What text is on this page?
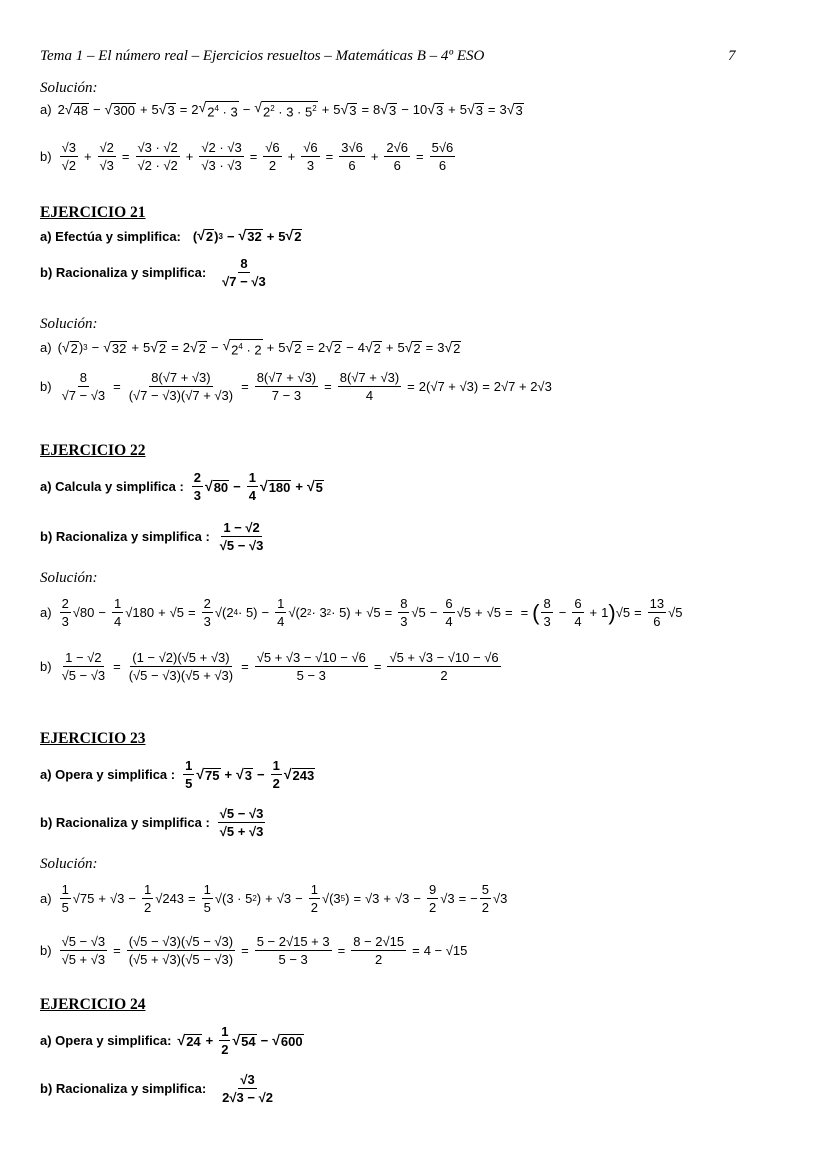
Tema 1 – El número real – Ejercicios resueltos – Matemáticas B – 4º ESO	7
Solución:
a) 2 √ 48 − √ 300 + 5 √ 3 = 2 √ $2^4 \cdot 3$ − √ $2^2 \cdot 3 \cdot 5^2 + 5$ √ 3 = 8 √ 3 − 10 √ 3 + 5 √ 3 = 3 √ 3
$b) \frac{√3}{√2} + \frac{√2}{√3} = \frac{√3 \cdot √2}{√2 \cdot √2} + \frac{√2 \cdot √3}{√3 \cdot √3} = \frac{√6}{2} + \frac{√6}{3} = \frac{3√6}{6} + \frac{2√6}{6} = \frac{5√6}{6}$
EJERCICIO 21
a) Efectúa y simplifica: ( √ 2 ) 3 − √ 32 + 5 √ 2
b) Racionaliza y simplifica: $\frac{8}{√7 - √3}$
Solución:
a) ( √ 2 ) 3 − √ 32 + 5 √ 2 = 2 √ 2 − √ $2^4 \cdot 2 + 5$ √ 2 = 2 √ 2 − 4 √ 2 + 5 √ 2 = 3 √ 2
$b) \frac{8}{√7 - √3} = \frac{8(√7 + √3)}{(√7 - √3)(√7 + √3)} = \frac{8(√7 + √3)}{7 - 3} = \frac{8(√7 + √3)}{4} = 2(√7 + √3) = 2√7 + 2√3$
EJERCICIO 22
a) Calcula y simplifica : $\frac{2}{3}$ √ $80 - \frac{1}{4}$ √ 180 + √ 5
b) Racionaliza y simplifica : $\frac{1 - √2}{√5 - √3}$
Solución:
$a) \frac{2}{3} √80 - \frac{1}{4} √180 + √5 = \frac{2}{3} √(2$ $4 \cdot 5) - \frac{1}{4} √(2$ 2 · 3 $2 \cdot 5) + √5 = \frac{8}{3} √5 - \frac{6}{4} √5 + √5$ = = ( $\frac{8}{3} - \frac{6}{4} + 1$ ) $√5 = \frac{13}{6} √5$
$b) \frac{1 - √2}{√5 - √3} = \frac{(1 - √2)(√5 + √3)}{(√5 - √3)(√5 + √3)} = \frac{√5 + √3 - √10 - √6}{5 - 3} = \frac{√5 + √3 - √10 - √6}{2}$
EJERCICIO 23
a) Opera y simplifica : $\frac{1}{5}$ √ 75 + √ $3 - \frac{1}{2}$ √ 243
b) Racionaliza y simplifica : $\frac{√5 - √3}{√5 + √3}$
Solución:
$a) \frac{1}{5} √75 + √3 - \frac{1}{2} √243 = \frac{1}{5} √(3 \cdot 5$ 2 ) + $√3 - \frac{1}{2} √(3$ 5 ) = $√3 + √3 - \frac{9}{2} √3$ = − $\frac{5}{2} √3$
$b) \frac{√5 - √3}{√5 + √3} = \frac{(√5 - √3)(√5 - √3)}{(√5 + √3)(√5 - √3)} = \frac{5 - 2√15 + 3}{5 - 3} = \frac{8 - 2√15}{2} = 4 - √15$
EJERCICIO 24
a) Opera y simplifica: √ $24 + \frac{1}{2}$ √ 54 − √ 600
b) Racionaliza y simplifica: $\frac{√3}{2√3 - √2}$
